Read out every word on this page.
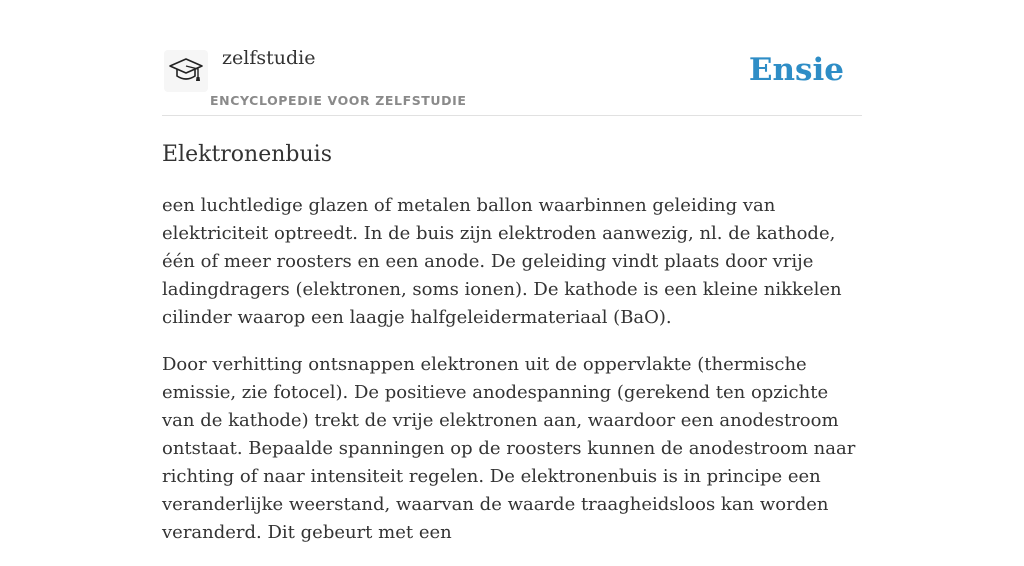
zelfstudie
ENCYCLOPEDIE VOOR ZELFSTUDIE
Ensie
Elektronenbuis

een luchtledige glazen of metalen ballon waarbinnen geleiding van elektriciteit optreedt. In de buis zijn elektroden aanwezig, nl. de kathode, één of meer roosters en een anode. De geleiding vindt plaats door vrije ladingdragers (elektronen, soms ionen). De kathode is een kleine nikkelen cilinder waarop een laagje halfgeleidermateriaal (BaO).

Door verhitting ontsnappen elektronen uit de oppervlakte (thermische emissie, zie fotocel). De positieve anodespanning (gerekend ten opzichte van de kathode) trekt de vrije elektronen aan, waardoor een anodestroom ontstaat. Bepaalde spanningen op de roosters kunnen de anodestroom naar richting of naar intensiteit regelen. De elektronenbuis is in principe een veranderlijke weerstand, waarvan de waarde traagheidsloos kan worden veranderd. Dit gebeurt met een
